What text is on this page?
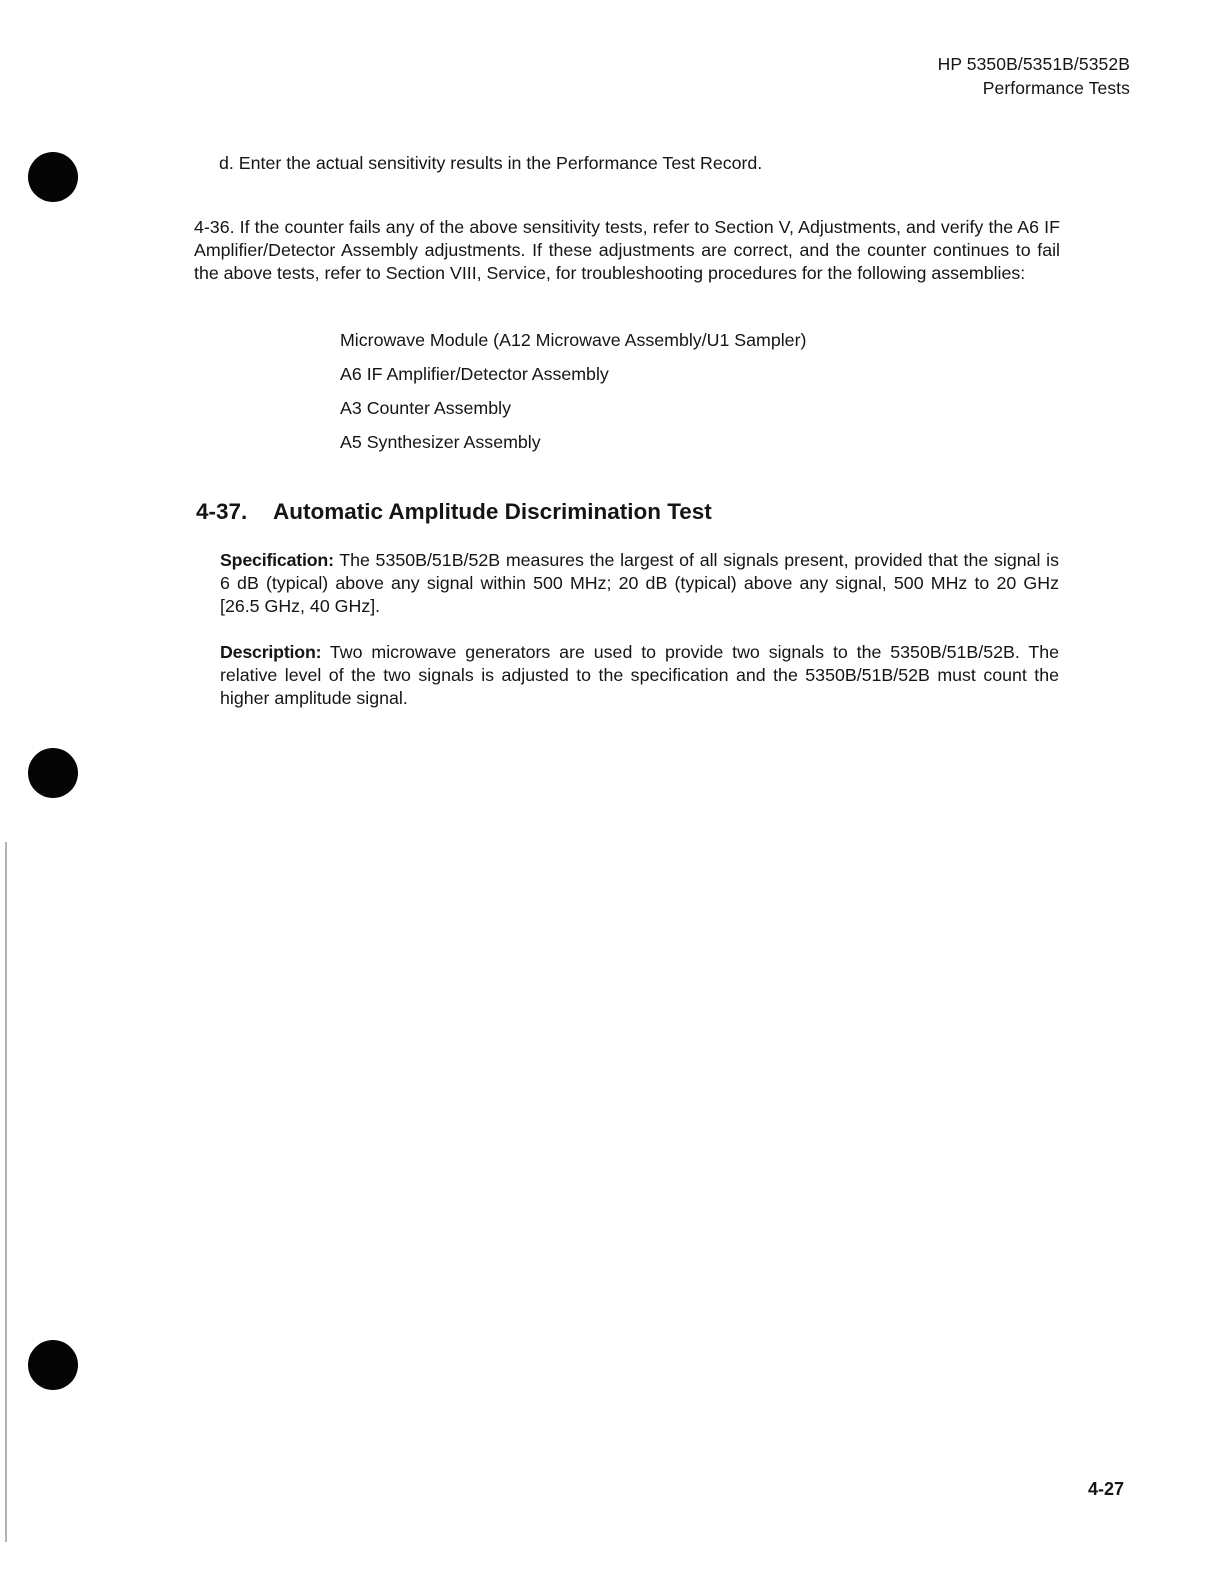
HP 5350B/5351B/5352B
Performance Tests
d. Enter the actual sensitivity results in the Performance Test Record.
4-36. If the counter fails any of the above sensitivity tests, refer to Section V, Adjustments, and verify the A6 IF Amplifier/Detector Assembly adjustments. If these adjustments are correct, and the counter continues to fail the above tests, refer to Section VIII, Service, for troubleshooting procedures for the following assemblies:
Microwave Module (A12 Microwave Assembly/U1 Sampler)
A6 IF Amplifier/Detector Assembly
A3 Counter Assembly
A5 Synthesizer Assembly
4-37. Automatic Amplitude Discrimination Test
Specification: The 5350B/51B/52B measures the largest of all signals present, provided that the signal is 6 dB (typical) above any signal within 500 MHz; 20 dB (typical) above any signal, 500 MHz to 20 GHz [26.5 GHz, 40 GHz].
Description: Two microwave generators are used to provide two signals to the 5350B/51B/52B. The relative level of the two signals is adjusted to the specification and the 5350B/51B/52B must count the higher amplitude signal.
4-27
